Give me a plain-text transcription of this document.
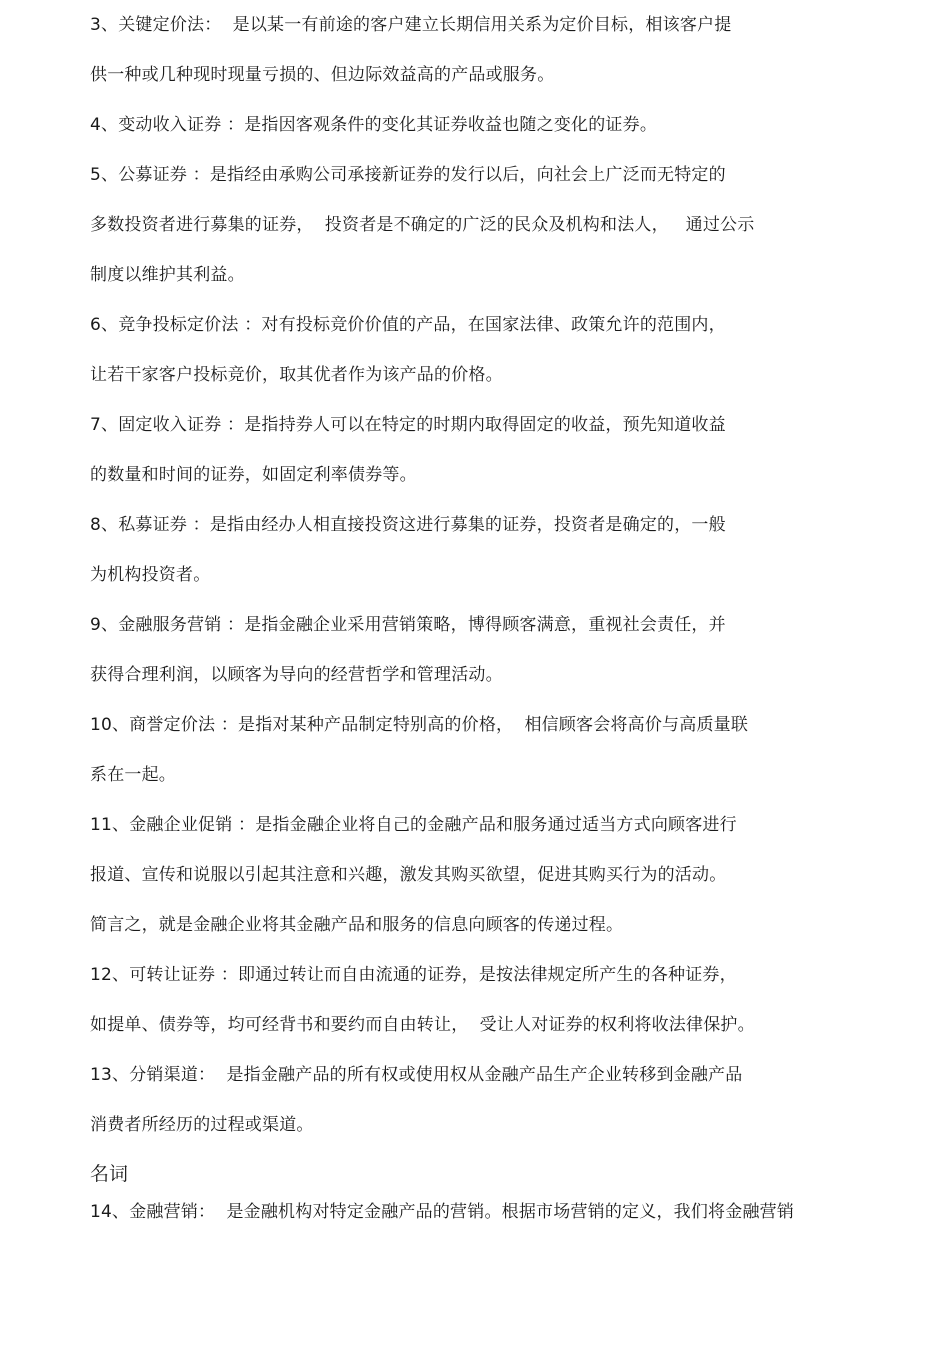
3、关键定价法：  是以某一有前途的客户建立长期信用关系为定价目标，相该客户提
供一种或几种现时现量亏损的、但边际效益高的产品或服务。
4、变动收入证券 ：是指因客观条件的变化其证券收益也随之变化的证券。
5、公募证券 ：是指经由承购公司承接新证券的发行以后，向社会上广泛而无特定的
多数投资者进行募集的证券，  投资者是不确定的广泛的民众及机构和法人，   通过公示
制度以维护其利益。
6、竞争投标定价法 ：对有投标竞价价值的产品，在国家法律、政策允许的范围内，
让若干家客户投标竞价，取其优者作为该产品的价格。
7、固定收入证券 ：是指持券人可以在特定的时期内取得固定的收益，预先知道收益
的数量和时间的证券，如固定利率债券等。
8、私募证券 ：是指由经办人相直接投资这进行募集的证券，投资者是确定的，一般
为机构投资者。
9、金融服务营销 ：是指金融企业采用营销策略，博得顾客满意，重视社会责任，并
获得合理利润，以顾客为导向的经营哲学和管理活动。
10、商誉定价法 ：是指对某种产品制定特别高的价格，  相信顾客会将高价与高质量联
系在一起。
11、金融企业促销 ：是指金融企业将自己的金融产品和服务通过适当方式向顾客进行
报道、宣传和说服以引起其注意和兴趣，激发其购买欲望，促进其购买行为的活动。
简言之，就是金融企业将其金融产品和服务的信息向顾客的传递过程。
12、可转让证券 ：即通过转让而自由流通的证券，是按法律规定所产生的各种证券，
如提单、债券等，均可经背书和要约而自由转让，  受让人对证券的权利将收法律保护。
13、分销渠道：  是指金融产品的所有权或使用权从金融产品生产企业转移到金融产品
消费者所经历的过程或渠道。
名词
14、金融营销：  是金融机构对特定金融产品的营销。根据市场营销的定义，我们将金融营销
